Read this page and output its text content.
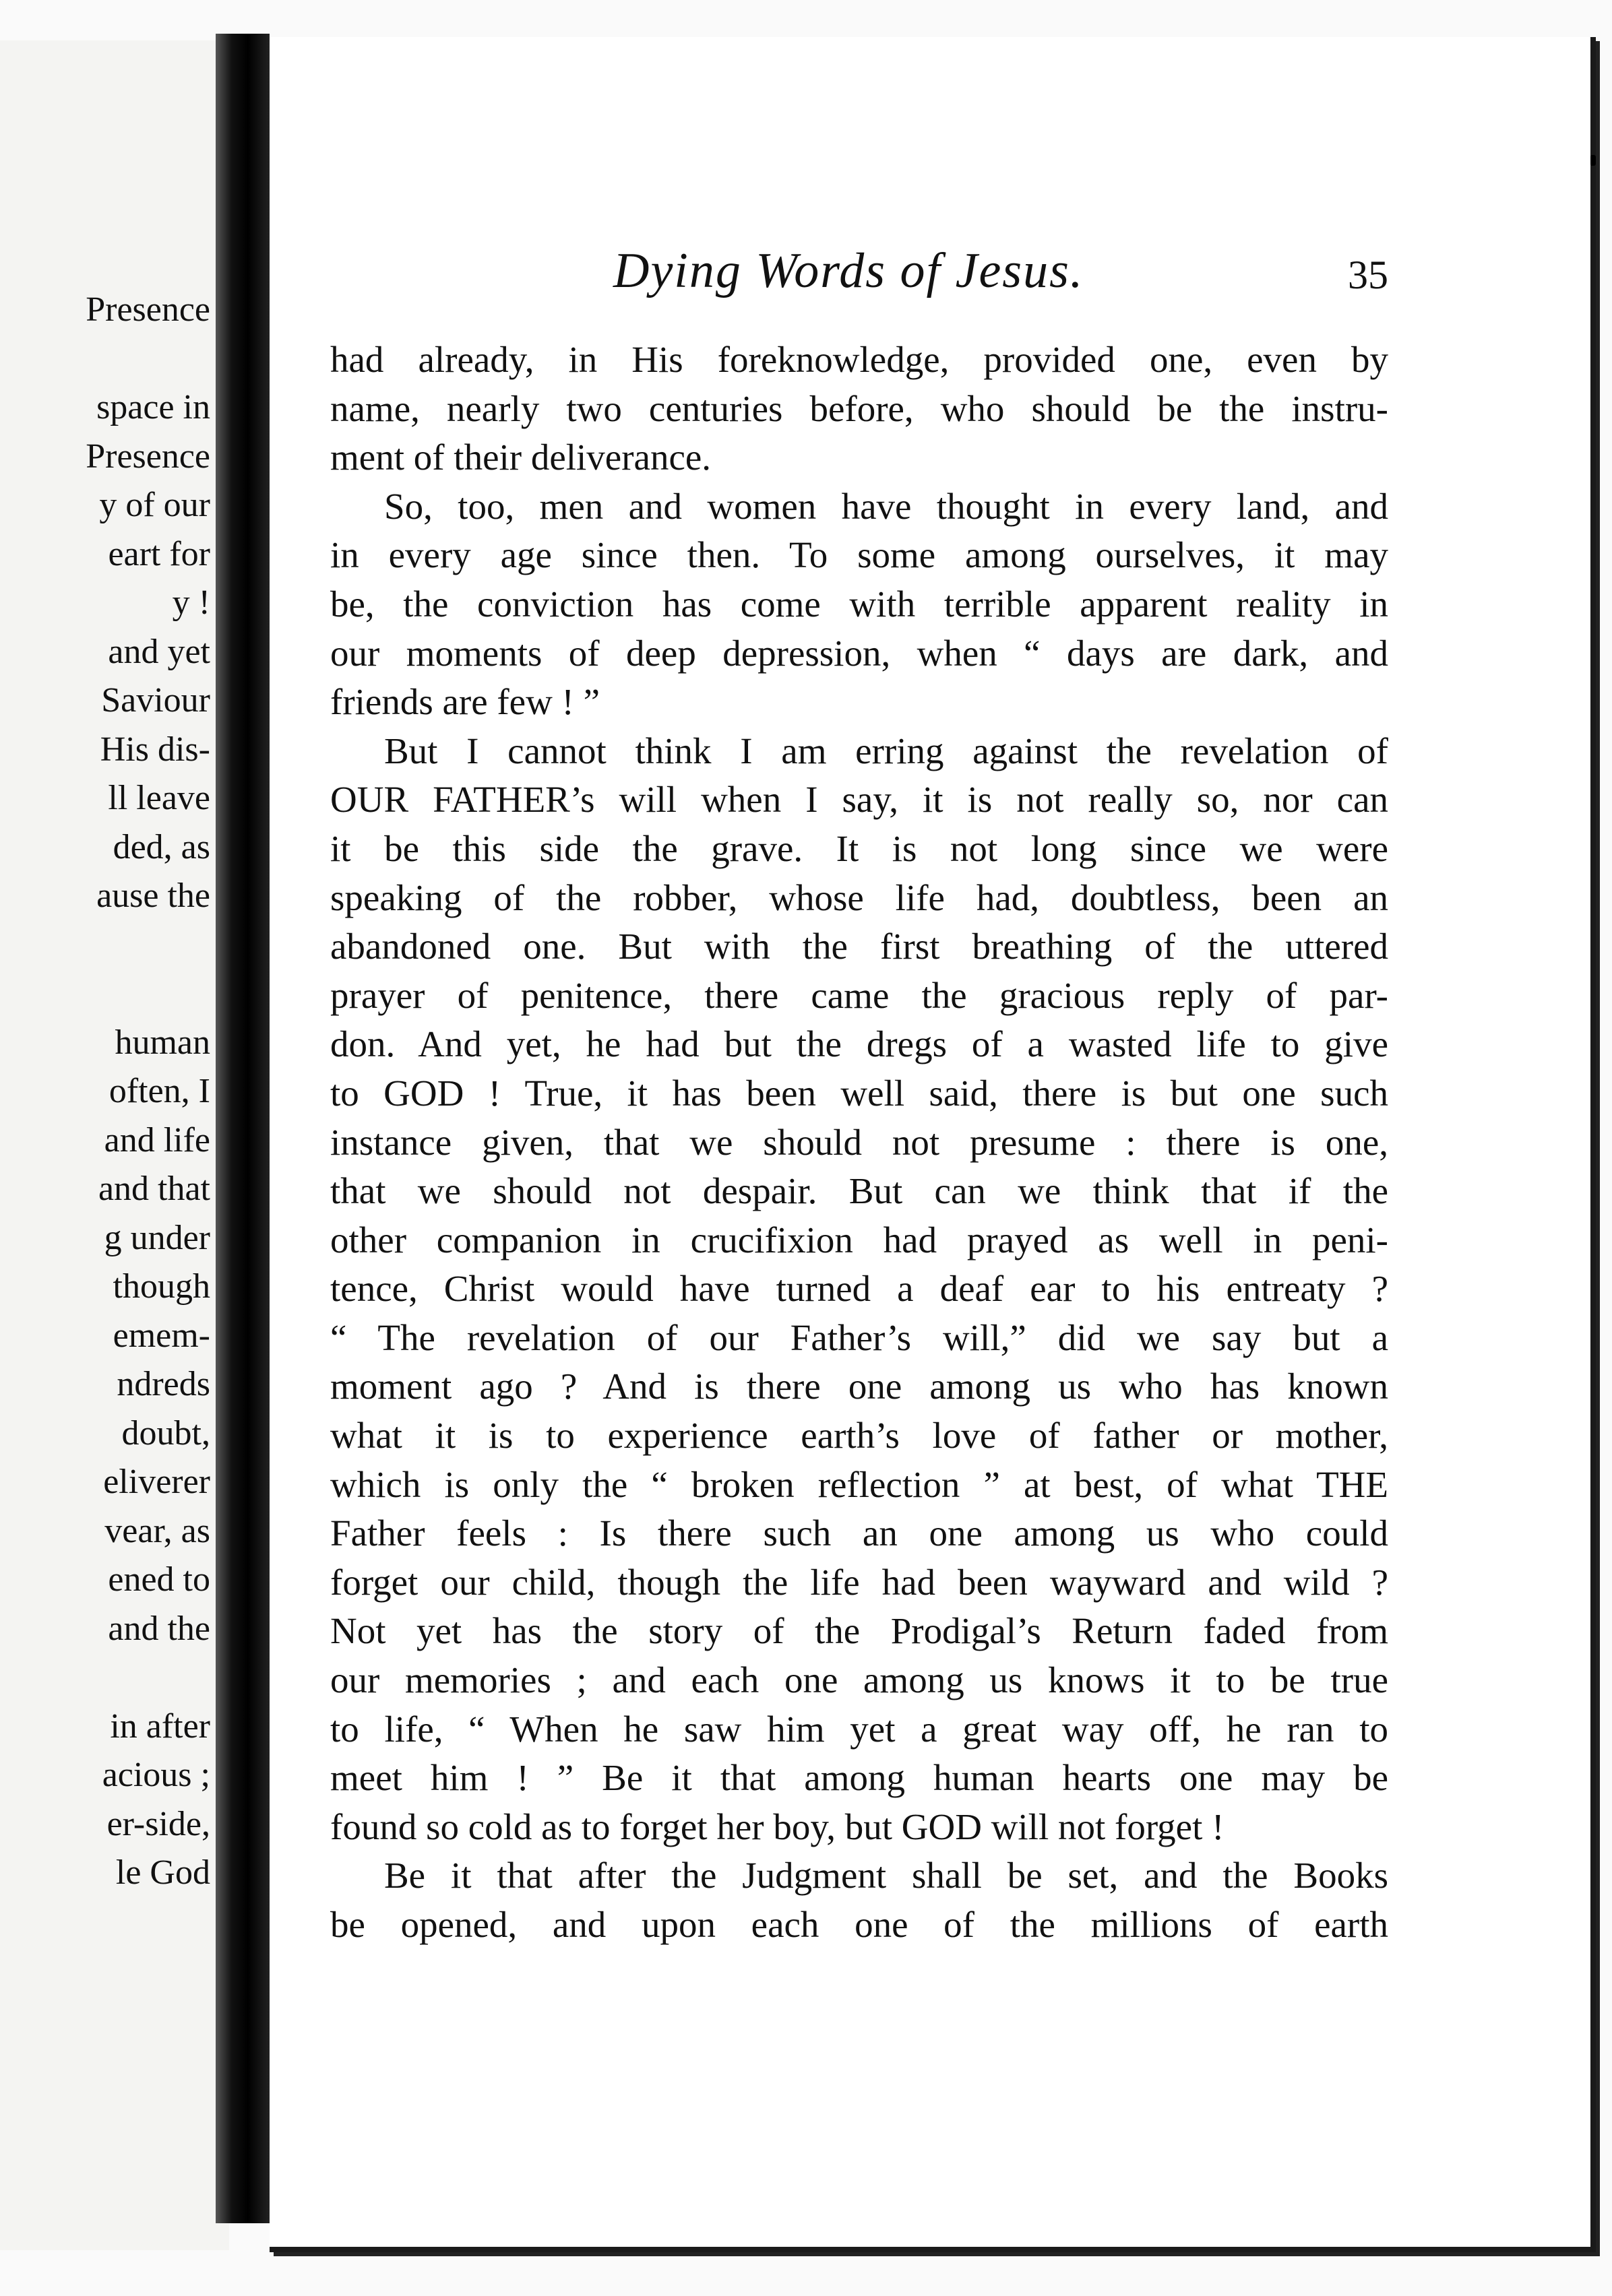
Presence
space in
Presence
y of our
eart for
y !
and yet
Saviour
His dis-
ll leave
ded, as
ause the
human
often, I
and life
and that
g under
though
emem-
ndreds
doubt,
eliverer
vear, as
ened to
and the
in after
acious ;
er-side,
le God
Dying Words of Jesus.	35
had already, in His foreknowledge, provided one, even by
name, nearly two centuries before, who should be the instru-
ment of their deliverance.
So, too, men and women have thought in every land, and
in every age since then. To some among ourselves, it may
be, the conviction has come with terrible apparent reality in
our moments of deep depression, when “ days are dark, and
friends are few ! ”
But I cannot think I am erring against the revelation of
OUR FATHER’s will when I say, it is not really so, nor can
it be this side the grave. It is not long since we were
speaking of the robber, whose life had, doubtless, been an
abandoned one. But with the first breathing of the uttered
prayer of penitence, there came the gracious reply of par-
don. And yet, he had but the dregs of a wasted life to give
to GOD ! True, it has been well said, there is but one such
instance given, that we should not presume : there is one,
that we should not despair. But can we think that if the
other companion in crucifixion had prayed as well in peni-
tence, Christ would have turned a deaf ear to his entreaty ?
“ The revelation of our Father’s will,” did we say but a
moment ago ? And is there one among us who has known
what it is to experience earth’s love of father or mother,
which is only the “ broken reflection ” at best, of what THE
Father feels : Is there such an one among us who could
forget our child, though the life had been wayward and wild ?
Not yet has the story of the Prodigal’s Return faded from
our memories ; and each one among us knows it to be true
to life, “ When he saw him yet a great way off, he ran to
meet him ! ” Be it that among human hearts one may be
found so cold as to forget her boy, but GOD will not forget !
Be it that after the Judgment shall be set, and the Books
be opened, and upon each one of the millions of earth
